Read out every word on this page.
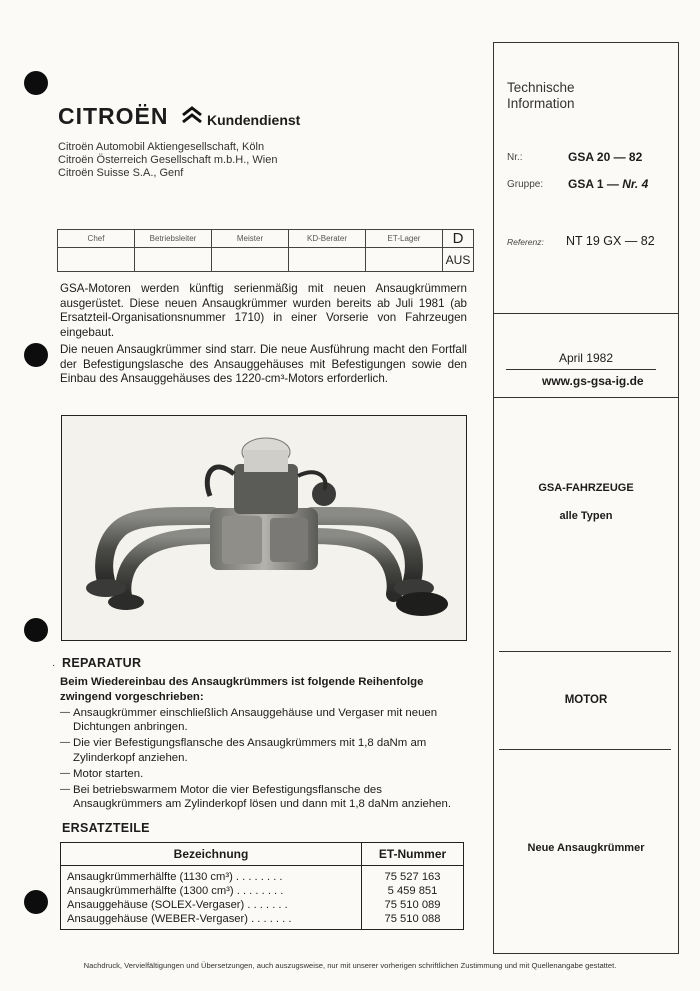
CITROËN	Kundendienst
Citroën Automobil Aktiengesellschaft, Köln
Citroën Österreich Gesellschaft m.b.H., Wien
Citroën Suisse S.A., Genf
Chef	Betriebsleiter	Meister	KD-Berater	ET-Lager	D
					AUS
GSA-Motoren werden künftig serienmäßig mit neuen Ansaugkrümmern ausgerüstet. Diese neuen Ansaugkrümmer wurden bereits ab Juli 1981 (ab Ersatzteil-Organisationsnummer 1710) in einer Vorserie von Fahrzeugen eingebaut.
Die neuen Ansaugkrümmer sind starr. Die neue Ausführung macht den Fortfall der Befestigungslasche des Ansauggehäuses mit Befestigungen sowie den Einbau des Ansauggehäuses des 1220-cm³-Motors erforderlich.
· REPARATUR
Beim Wiedereinbau des Ansaugkrümmers ist folgende Reihenfolge zwingend vorgeschrieben:
— Ansaugkrümmer einschließlich Ansauggehäuse und Vergaser mit neuen Dichtungen anbringen.
— Die vier Befestigungsflansche des Ansaugkrümmers mit 1,8 daNm am Zylinderkopf anziehen.
— Motor starten.
— Bei betriebswarmem Motor die vier Befestigungsflansche des Ansaugkrümmers am Zylinderkopf lösen und dann mit 1,8 daNm anziehen.
ERSATZTEILE
Bezeichnung	ET-Nummer
Ansaugkrümmerhälfte (1130 cm³) . . . . . . . .	75 527 163
Ansaugkrümmerhälfte (1300 cm³) . . . . . . . .	5 459 851
Ansauggehäuse (SOLEX-Vergaser) . . . . . . .	75 510 089
Ansauggehäuse (WEBER-Vergaser) . . . . . . .	75 510 088
Technische
Information
Nr.:	GSA 20 — 82
Gruppe: GSA 1 — Nr. 4
Referenz: NT 19 GX — 82
April 1982
www.gs-gsa-ig.de
GSA-FAHRZEUGE
alle Typen
MOTOR
Neue Ansaugkrümmer
Nachdruck, Vervielfältigungen und Übersetzungen, auch auszugsweise, nur mit unserer vorherigen schriftlichen Zustimmung und mit Quellenangabe gestattet.
